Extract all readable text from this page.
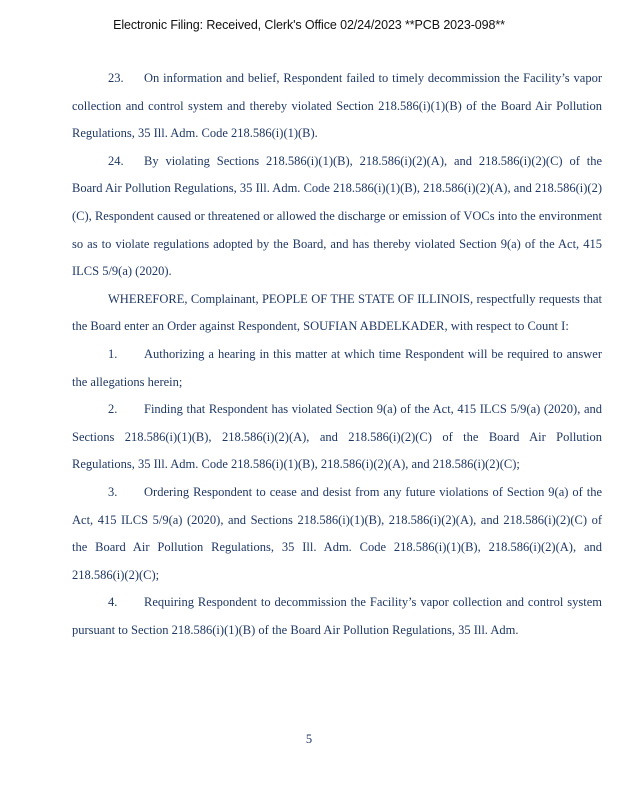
Electronic Filing: Received, Clerk's Office 02/24/2023 **PCB 2023-098**

23. On information and belief, Respondent failed to timely decommission the Facility’s vapor collection and control system and thereby violated Section 218.586(i)(1)(B) of the Board Air Pollution Regulations, 35 Ill. Adm. Code 218.586(i)(1)(B).

24. By violating Sections 218.586(i)(1)(B), 218.586(i)(2)(A), and 218.586(i)(2)(C) of the Board Air Pollution Regulations, 35 Ill. Adm. Code 218.586(i)(1)(B), 218.586(i)(2)(A), and 218.586(i)(2)(C), Respondent caused or threatened or allowed the discharge or emission of VOCs into the environment so as to violate regulations adopted by the Board, and has thereby violated Section 9(a) of the Act, 415 ILCS 5/9(a) (2020).

WHEREFORE, Complainant, PEOPLE OF THE STATE OF ILLINOIS, respectfully requests that the Board enter an Order against Respondent, SOUFIAN ABDELKADER, with respect to Count I:

1. Authorizing a hearing in this matter at which time Respondent will be required to answer the allegations herein;

2. Finding that Respondent has violated Section 9(a) of the Act, 415 ILCS 5/9(a) (2020), and Sections 218.586(i)(1)(B), 218.586(i)(2)(A), and 218.586(i)(2)(C) of the Board Air Pollution Regulations, 35 Ill. Adm. Code 218.586(i)(1)(B), 218.586(i)(2)(A), and 218.586(i)(2)(C);

3. Ordering Respondent to cease and desist from any future violations of Section 9(a) of the Act, 415 ILCS 5/9(a) (2020), and Sections 218.586(i)(1)(B), 218.586(i)(2)(A), and 218.586(i)(2)(C) of the Board Air Pollution Regulations, 35 Ill. Adm. Code 218.586(i)(1)(B), 218.586(i)(2)(A), and 218.586(i)(2)(C);

4. Requiring Respondent to decommission the Facility’s vapor collection and control system pursuant to Section 218.586(i)(1)(B) of the Board Air Pollution Regulations, 35 Ill. Adm.

5
